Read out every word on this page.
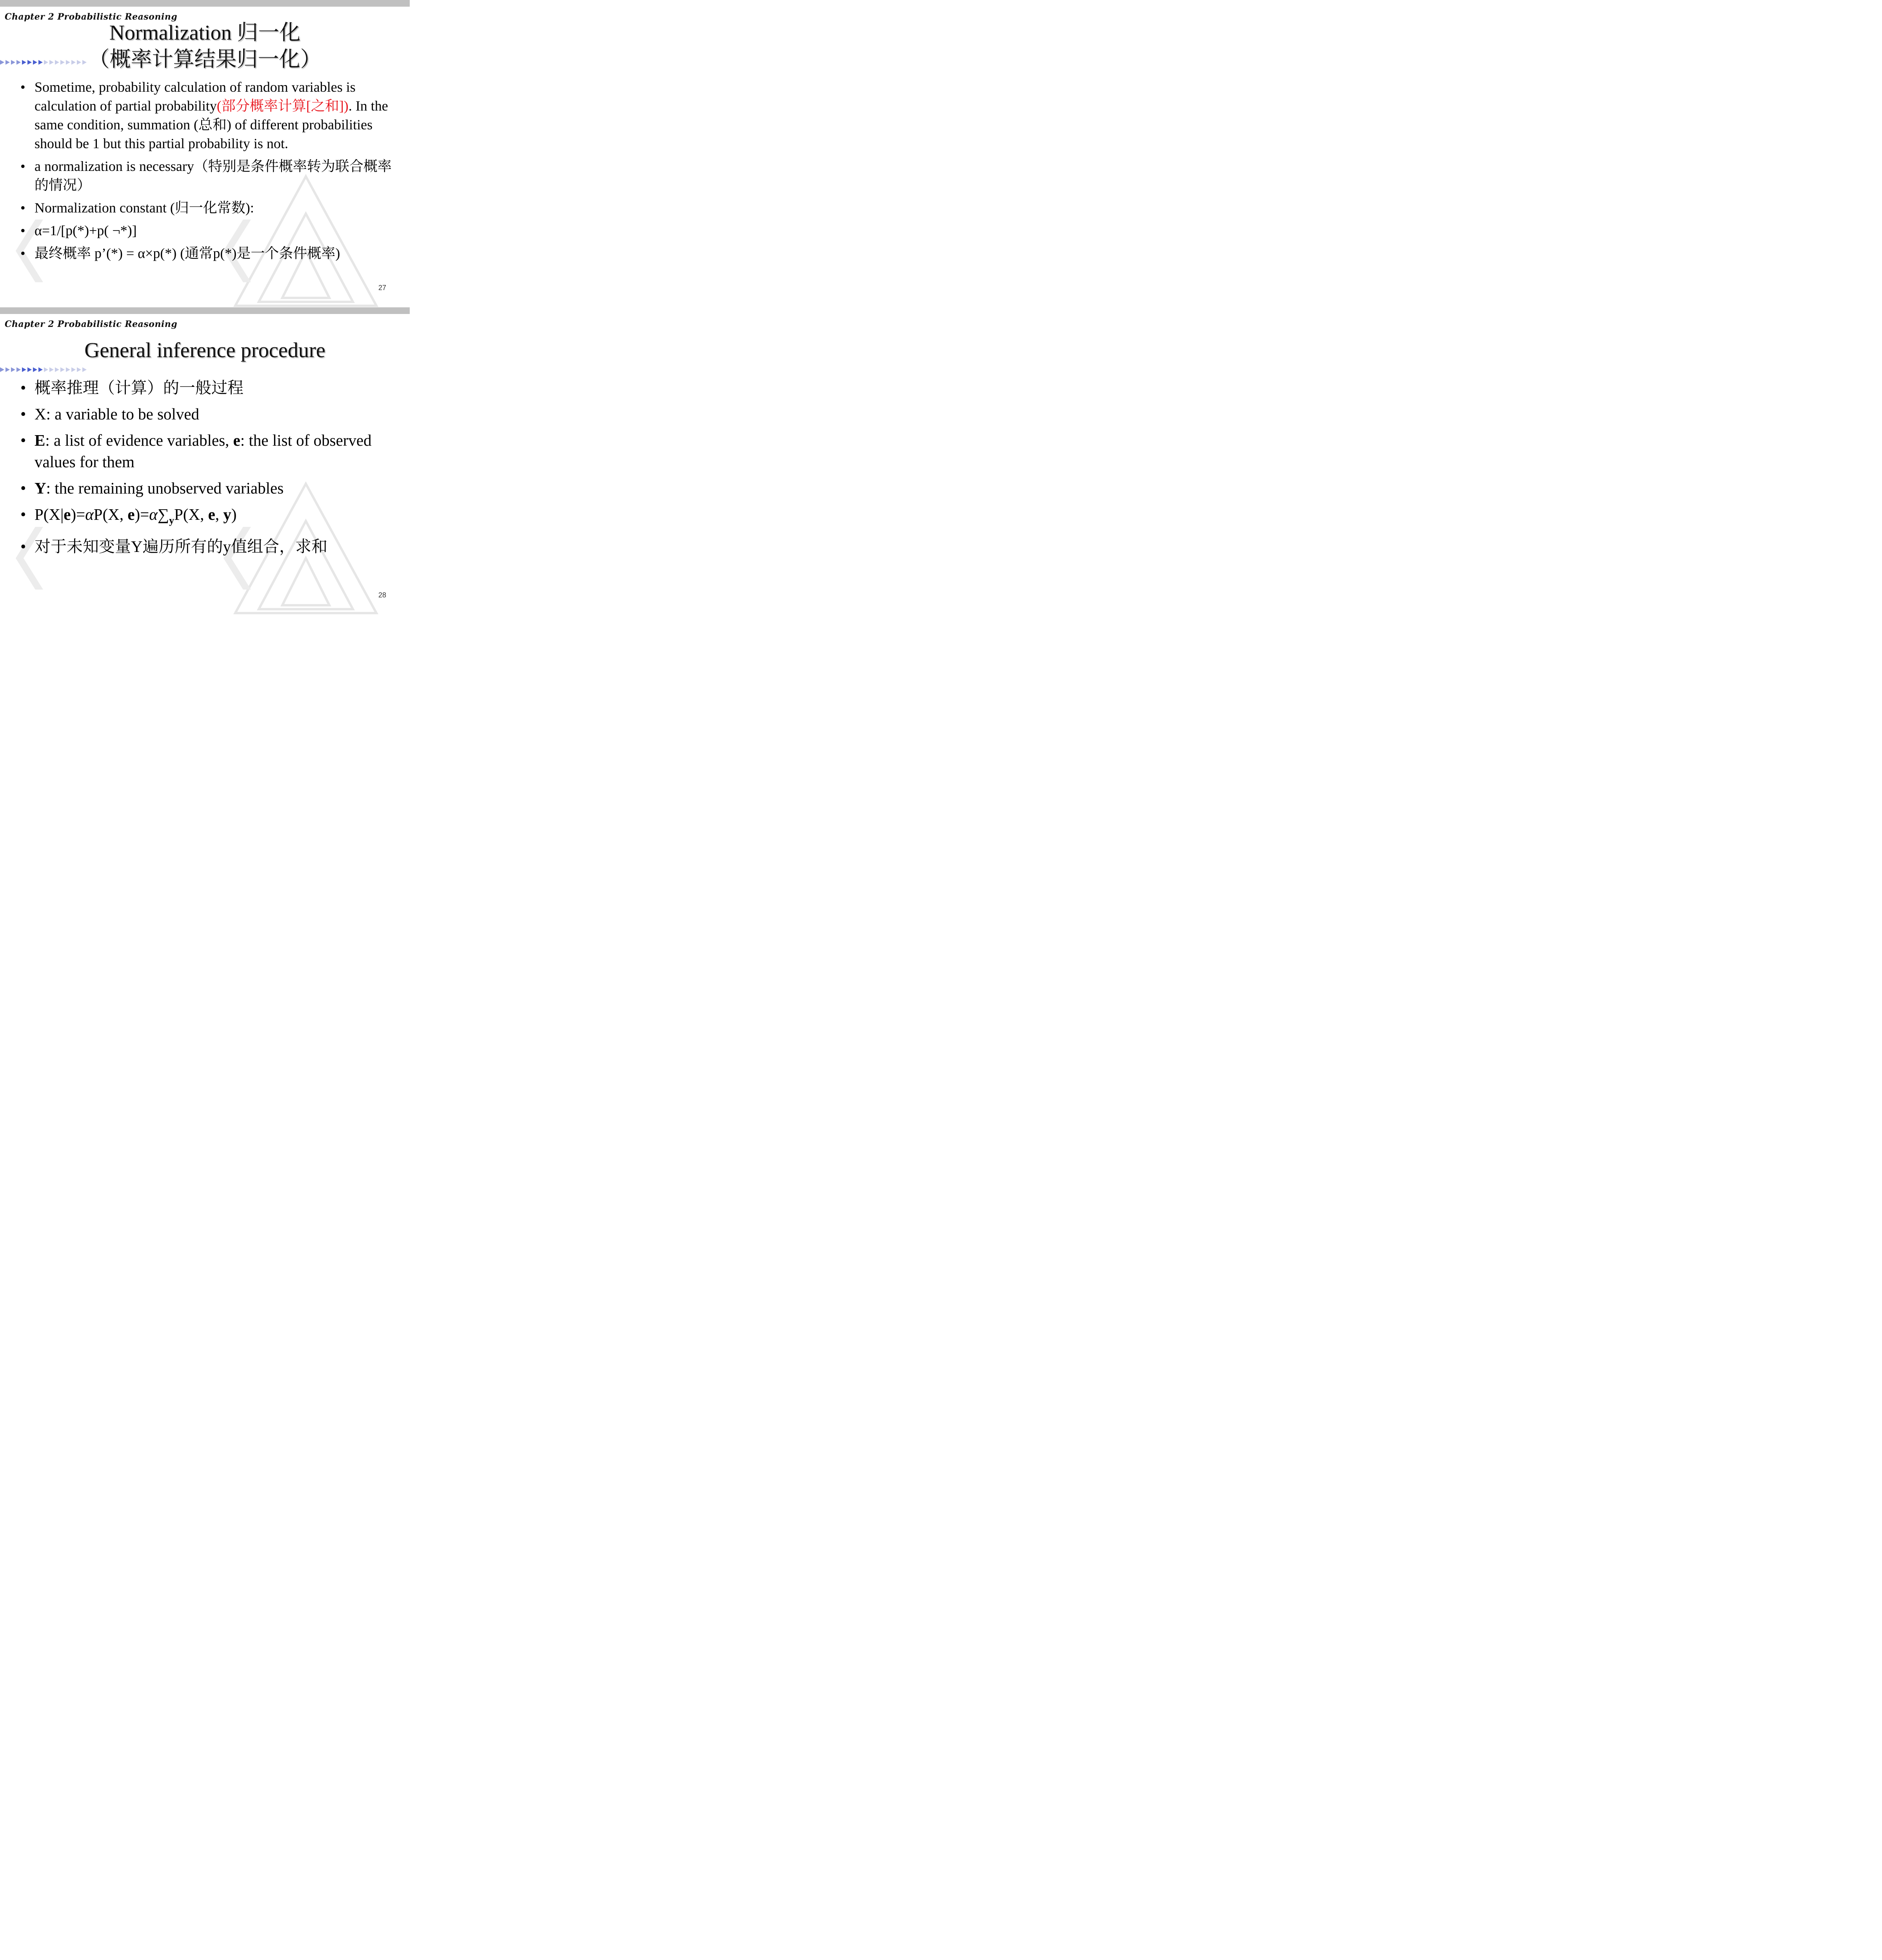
Chapter 2 Probabilistic Reasoning
Normalization 归一化
（概率计算结果归一化）
• Sometime, probability calculation of random variables is calculation of partial probability(部分概率计算[之和]). In the same condition, summation (总和) of different probabilities should be 1 but this partial probability is not.
• a normalization is necessary（特别是条件概率转为联合概率的情况）
• Normalization constant (归一化常数):
• α=1/[p(*)+p( ¬*)]
• 最终概率 p’(*) = α×p(*) (通常p(*)是一个条件概率)
27
Chapter 2 Probabilistic Reasoning
General inference procedure
• 概率推理（计算）的一般过程
• X: a variable to be solved
• E: a list of evidence variables, e: the list of observed values for them
• Y: the remaining unobserved variables
• P(X|e)=αP(X, $e)=\alpha\sum_yP(X$, e, y)
• 对于未知变量Y遍历所有的y值组合，求和
28
